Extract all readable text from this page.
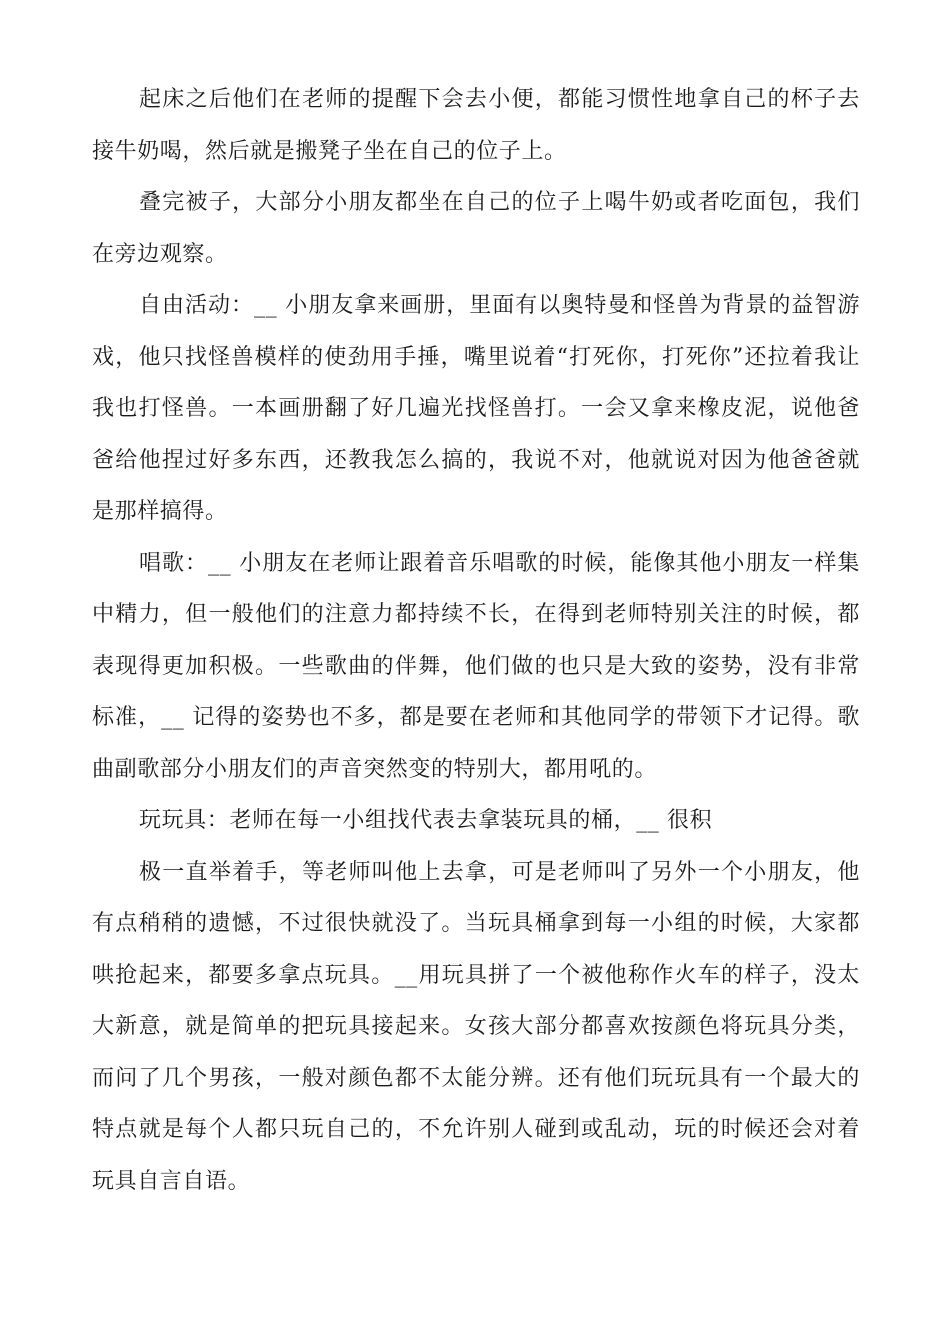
起床之后他们在老师的提醒下会去小便，都能习惯性地拿自己的杯子去接牛奶喝，然后就是搬凳子坐在自己的位子上。

叠完被子，大部分小朋友都坐在自己的位子上喝牛奶或者吃面包，我们在旁边观察。

自由活动：__ 小朋友拿来画册，里面有以奥特曼和怪兽为背景的益智游戏，他只找怪兽模样的使劲用手捶，嘴里说着“打死你，打死你”还拉着我让我也打怪兽。一本画册翻了好几遍光找怪兽打。一会又拿来橡皮泥，说他爸爸给他捏过好多东西，还教我怎么搞的，我说不对，他就说对因为他爸爸就是那样搞得。

唱歌：__ 小朋友在老师让跟着音乐唱歌的时候，能像其他小朋友一样集中精力，但一般他们的注意力都持续不长，在得到老师特别关注的时候，都表现得更加积极。一些歌曲的伴舞，他们做的也只是大致的姿势，没有非常标准，__ 记得的姿势也不多，都是要在老师和其他同学的带领下才记得。歌曲副歌部分小朋友们的声音突然变的特别大，都用吼的。

玩玩具：老师在每一小组找代表去拿装玩具的桶，__ 很积

极一直举着手，等老师叫他上去拿，可是老师叫了另外一个小朋友，他有点稍稍的遗憾，不过很快就没了。当玩具桶拿到每一小组的时候，大家都哄抢起来，都要多拿点玩具。__用玩具拼了一个被他称作火车的样子，没太大新意，就是简单的把玩具接起来。女孩大部分都喜欢按颜色将玩具分类，而问了几个男孩，一般对颜色都不太能分辨。还有他们玩玩具有一个最大的特点就是每个人都只玩自己的，不允许别人碰到或乱动，玩的时候还会对着玩具自言自语。
